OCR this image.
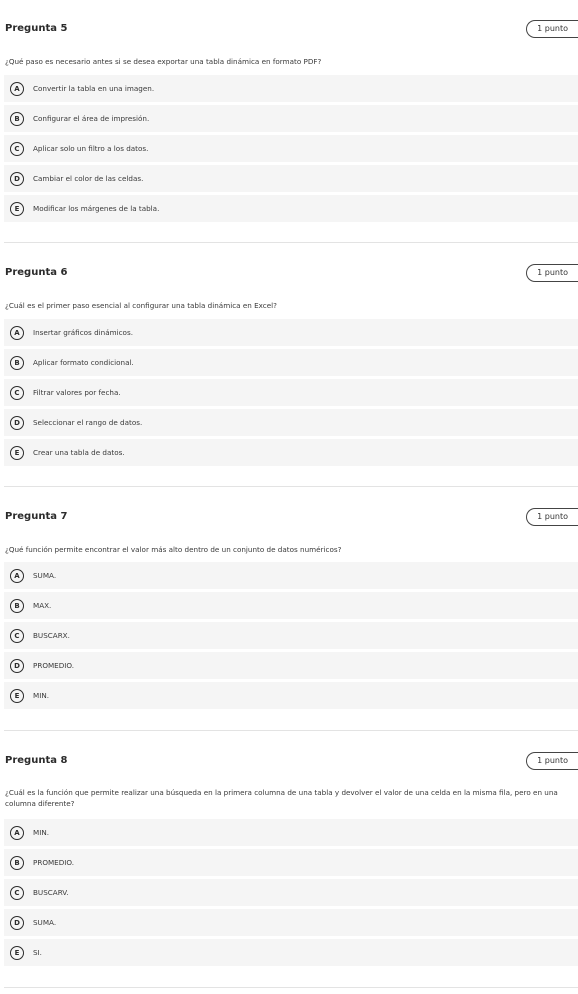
Pregunta 5	1 punto
¿Qué paso es necesario antes si se desea exportar una tabla dinámica en formato PDF?
A	Convertir la tabla en una imagen.
B	Configurar el área de impresión.
C	Aplicar solo un filtro a los datos.
D	Cambiar el color de las celdas.
E	Modificar los márgenes de la tabla.
Pregunta 6	1 punto
¿Cuál es el primer paso esencial al configurar una tabla dinámica en Excel?
A	Insertar gráficos dinámicos.
B	Aplicar formato condicional.
C	Filtrar valores por fecha.
D	Seleccionar el rango de datos.
E	Crear una tabla de datos.
Pregunta 7	1 punto
¿Qué función permite encontrar el valor más alto dentro de un conjunto de datos numéricos?
A	SUMA.
B	MAX.
C	BUSCARX.
D	PROMEDIO.
E	MIN.
Pregunta 8	1 punto
¿Cuál es la función que permite realizar una búsqueda en la primera columna de una tabla y devolver el valor de una celda en la misma fila, pero en una columna diferente?
A	MIN.
B	PROMEDIO.
C	BUSCARV.
D	SUMA.
E	SI.
